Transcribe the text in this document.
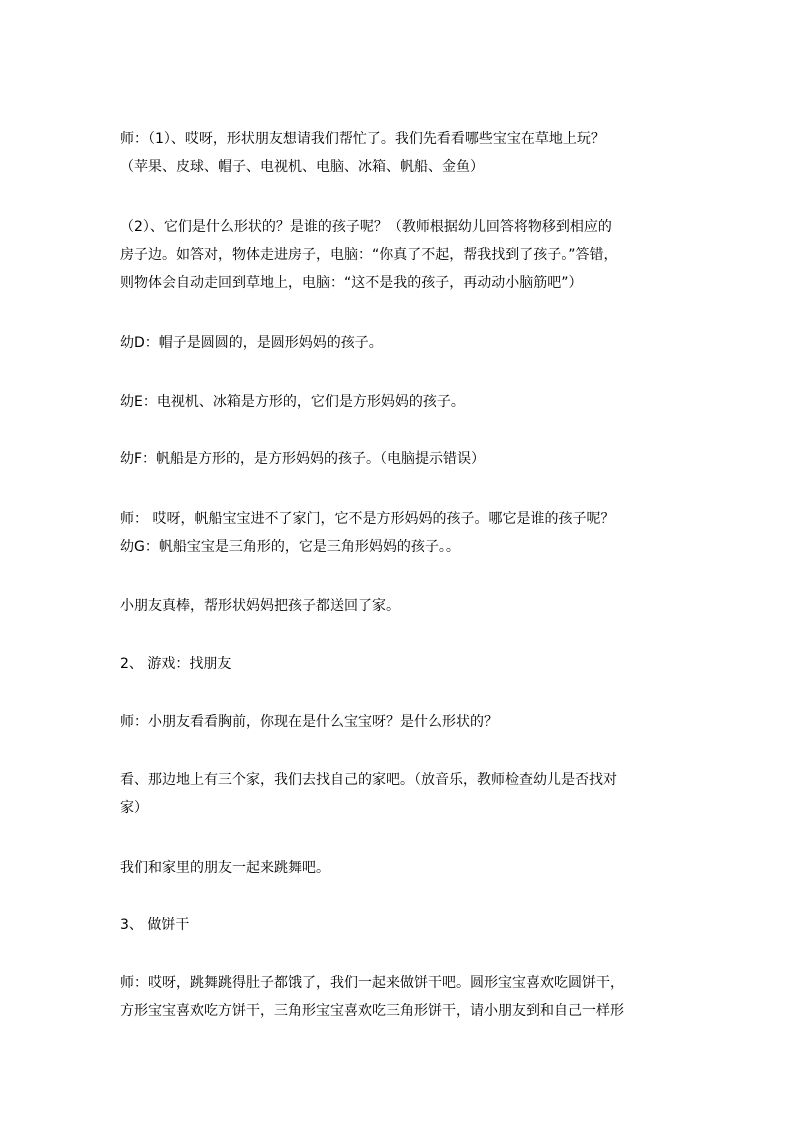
师：（1）、哎呀，形状朋友想请我们帮忙了。我们先看看哪些宝宝在草地上玩？
（苹果、皮球、帽子、电视机、电脑、冰箱、帆船、金鱼）
（2）、它们是什么形状的？是谁的孩子呢？（教师根据幼儿回答将物移到相应的
房子边。如答对，物体走进房子，电脑：“你真了不起，帮我找到了孩子。”答错，
则物体会自动走回到草地上，电脑：“这不是我的孩子，再动动小脑筋吧”）
幼D：帽子是圆圆的，是圆形妈妈的孩子。
幼E：电视机、冰箱是方形的，它们是方形妈妈的孩子。
幼F：帆船是方形的，是方形妈妈的孩子。（电脑提示错误）
师： 哎呀，帆船宝宝进不了家门，它不是方形妈妈的孩子。哪它是谁的孩子呢？
幼G：帆船宝宝是三角形的，它是三角形妈妈的孩子。。
小朋友真棒，帮形状妈妈把孩子都送回了家。
2、 游戏：找朋友
师：小朋友看看胸前，你现在是什么宝宝呀？是什么形状的？
看、那边地上有三个家，我们去找自己的家吧。（放音乐，教师检查幼儿是否找对
家）
我们和家里的朋友一起来跳舞吧。
3、 做饼干
师：哎呀，跳舞跳得肚子都饿了，我们一起来做饼干吧。圆形宝宝喜欢吃圆饼干，
方形宝宝喜欢吃方饼干，三角形宝宝喜欢吃三角形饼干，请小朋友到和自己一样形
